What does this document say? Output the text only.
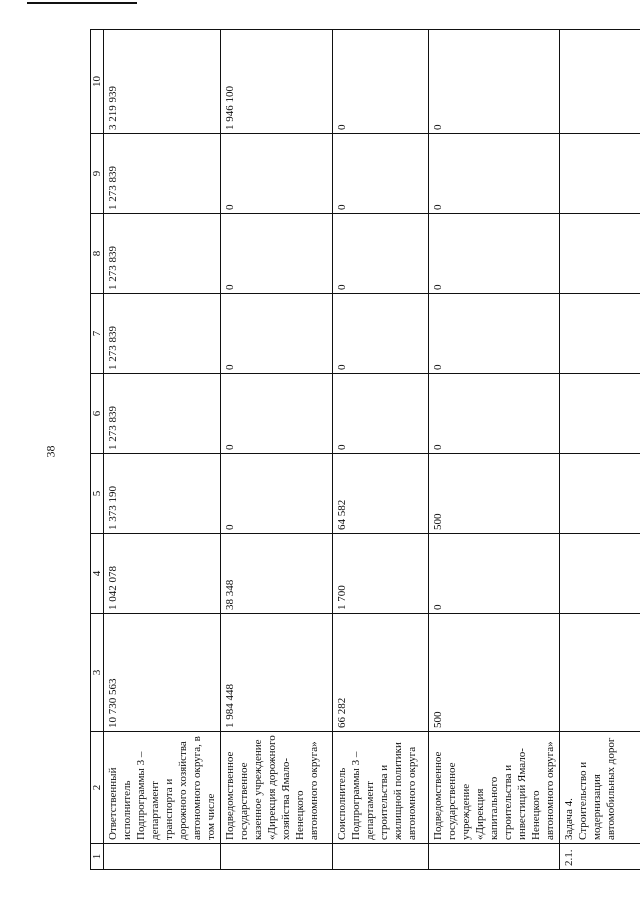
38
1	2	3	4	5	6	7	8	9	10
	Ответственный исполнитель Подпрограммы 3 – департамент транспорта и дорожного хозяйства автономного округа, в том числе	10 730 563	1 042 078	1 373 190	1 273 839	1 273 839	1 273 839	1 273 839	3 219 939
	Подведомственное государственное казенное учреждение «Дирекция дорожного хозяйства Ямало-Ненецкого автономного округа»	1 984 448	38 348	0	0	0	0	0	1 946 100
	Соисполнитель Подпрограммы 3 – департамент строительства и жилищной политики автономного округа	66 282	1 700	64 582	0	0	0	0	0
	Подведомственное государственное учреждение «Дирекция капитального строительства и инвестиций Ямало-Ненецкого автономного округа»	500	0	500	0	0	0	0	0
2.1.	Задача 4. Строительство и модернизация автомобильных дорог								
